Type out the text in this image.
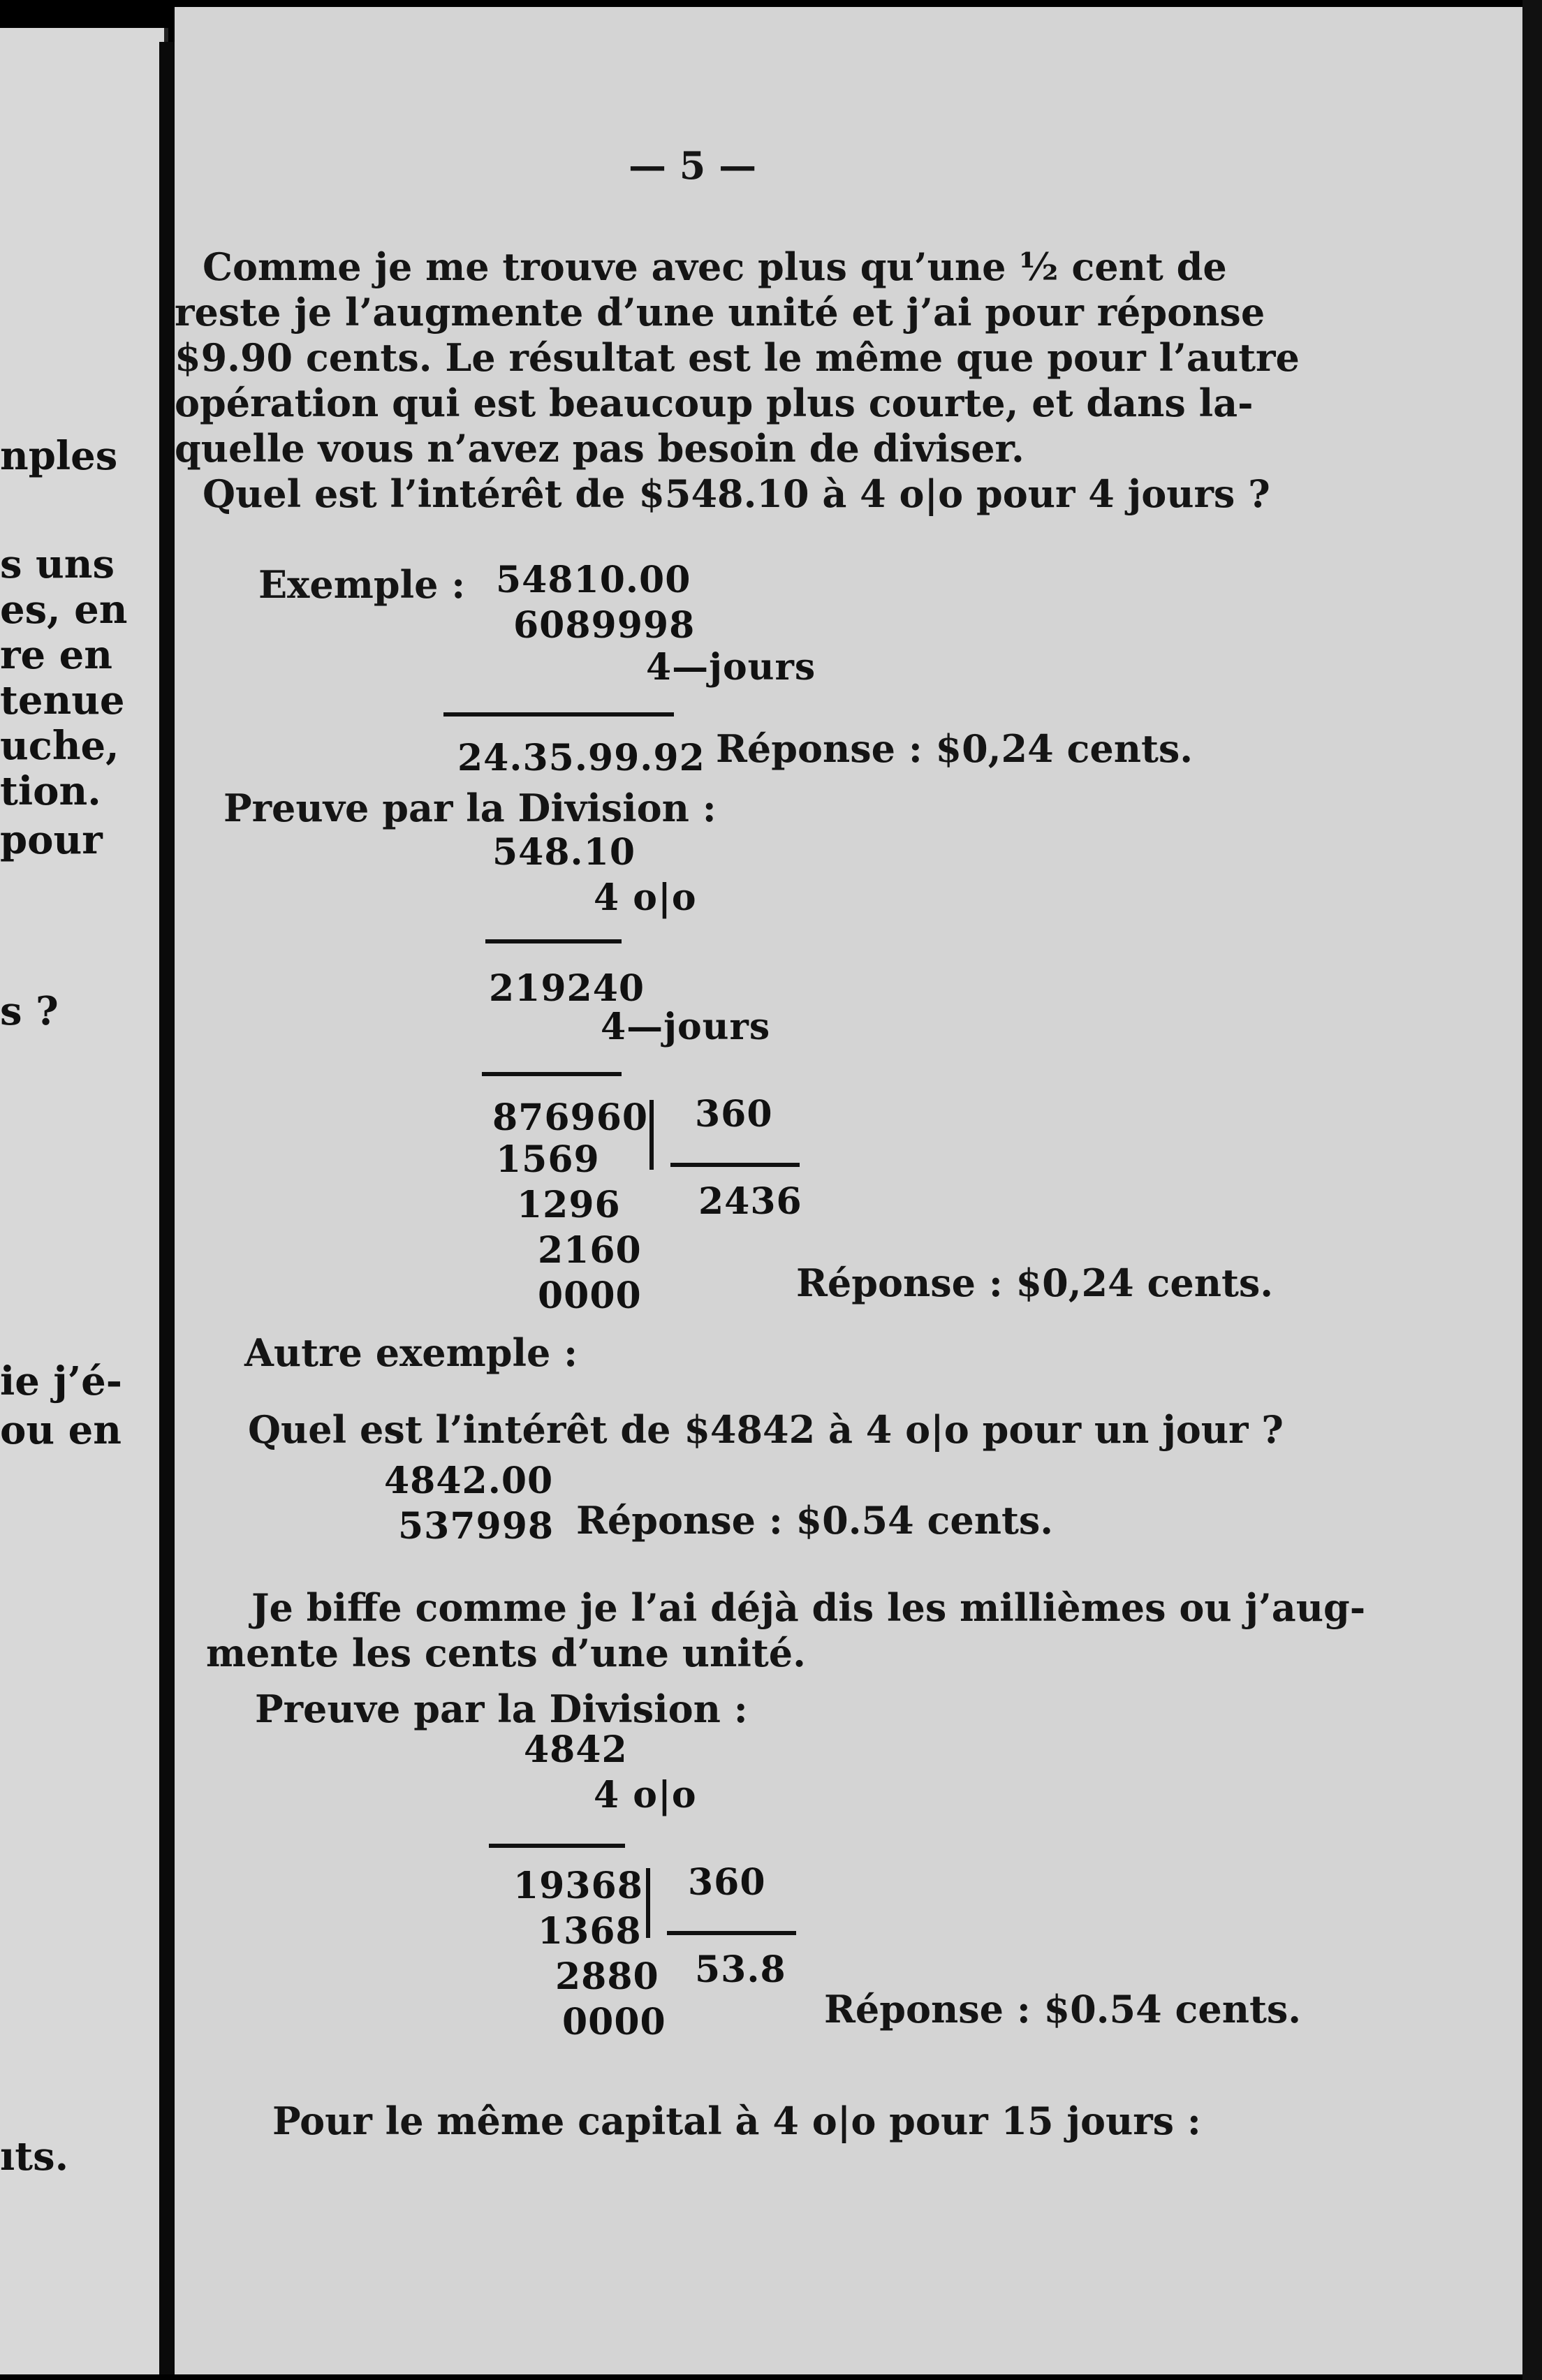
nples
s uns
es, en
re en
tenue
uche,
tion.
pour
s ?
ie j’é-
ou en
ıts.
— 5 —
Comme je me trouve avec plus qu’une ½ cent de
reste je l’augmente d’une unité et j’ai pour réponse
$9.90 cents. Le résultat est le même que pour l’autre
opération qui est beaucoup plus courte, et dans la-
quelle vous n’avez pas besoin de diviser.
Quel est l’intérêt de $548.10 à 4 o|o pour 4 jours ?
Exemple : 54810.00
6089998
4—jours
24.35.99.92 Réponse : $0,24 cents.
Preuve par la Division :
548.10
4 o|o
219240
4—jours
876960 360
1569
2436
1296
2160
0000	Réponse : $0,24 cents.
Autre exemple :
Quel est l’intérêt de $4842 à 4 o|o pour un jour ?
4842.00
537998 Réponse : $0.54 cents.
Je biffe comme je l’ai déjà dis les millièmes ou j’aug-
mente les cents d’une unité.
Preuve par la Division :
4842
4 o|o
19368 360
1368
53.8
2880
0000	Réponse : $0.54 cents.
Pour le même capital à 4 o|o pour 15 jours :
